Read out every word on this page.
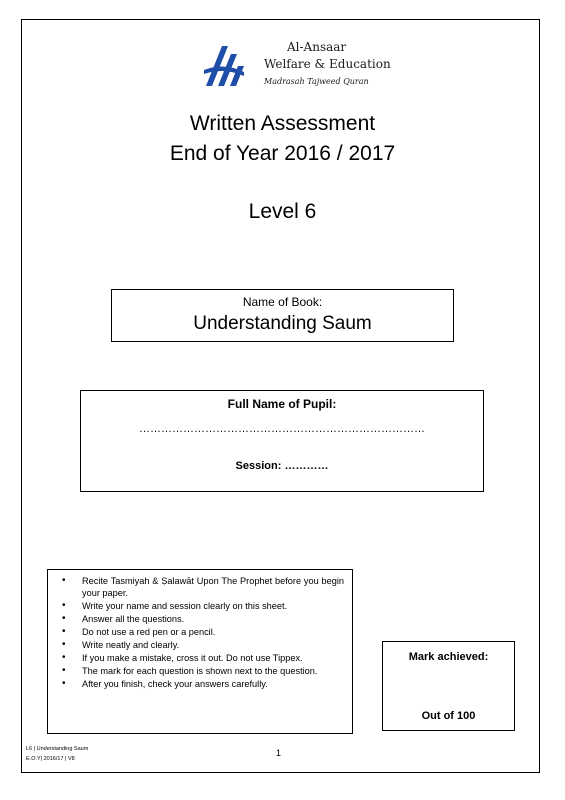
Al-Ansaar
Welfare & Education
Madrasah Tajweed Quran
Written Assessment
End of Year 2016 / 2017
Level 6
Name of Book:
Understanding Saum
Full Name of Pupil:
……………………………………………………………………
Session: …………
• Recite Tasmiyah & Ṣalawāt Upon The Prophet before you begin your paper.
• Write your name and session clearly on this sheet.
• Answer all the questions.
• Do not use a red pen or a pencil.
• Write neatly and clearly.
• If you make a mistake, cross it out. Do not use Tippex.
• The mark for each question is shown next to the question.
• After you finish, check your answers carefully.
Mark achieved:
Out of 100
L6 | Understanding Saum
E.O.Y| 2016/17 | V8
1
